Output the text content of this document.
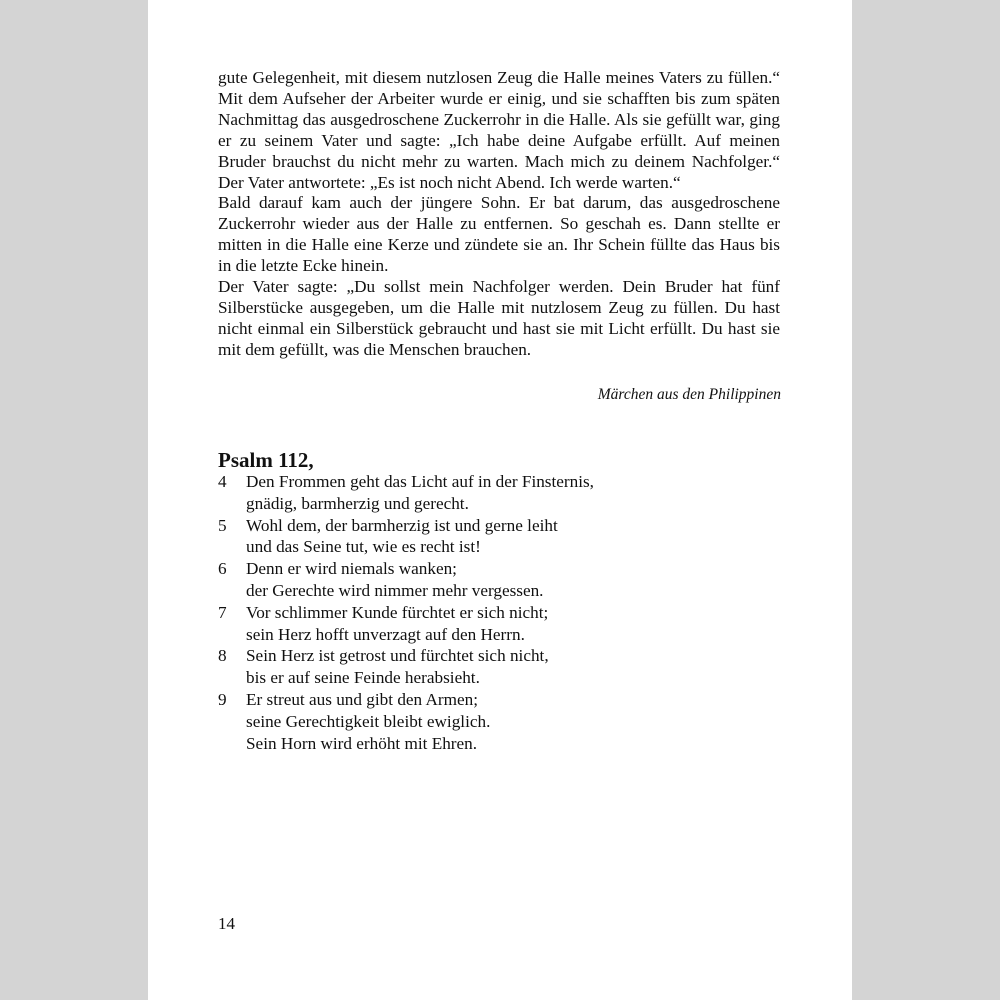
gute Gelegenheit, mit diesem nutzlosen Zeug die Halle meines Vaters zu füllen.“ Mit dem Aufseher der Arbeiter wurde er einig, und sie schafften bis zum späten Nachmittag das ausgedroschene Zuckerrohr in die Halle. Als sie gefüllt war, ging er zu seinem Vater und sagte: „Ich habe deine Aufgabe erfüllt. Auf meinen Bruder brauchst du nicht mehr zu warten. Mach mich zu deinem Nachfolger.“ Der Vater antwortete: „Es ist noch nicht Abend. Ich werde warten.“

Bald darauf kam auch der jüngere Sohn. Er bat darum, das ausgedroschene Zuckerrohr wieder aus der Halle zu entfernen. So geschah es. Dann stellte er mitten in die Halle eine Kerze und zündete sie an. Ihr Schein füllte das Haus bis in die letzte Ecke hinein.

Der Vater sagte: „Du sollst mein Nachfolger werden. Dein Bruder hat fünf Silberstücke ausgegeben, um die Halle mit nutzlosem Zeug zu füllen. Du hast nicht einmal ein Silberstück gebraucht und hast sie mit Licht erfüllt. Du hast sie mit dem gefüllt, was die Menschen brauchen.

Märchen aus den Philippinen
Psalm 112,
4	Den Frommen geht das Licht auf in der Finsternis,
gnädig, barmherzig und gerecht.
5	Wohl dem, der barmherzig ist und gerne leiht
und das Seine tut, wie es recht ist!
6	Denn er wird niemals wanken;
der Gerechte wird nimmer mehr vergessen.
7	Vor schlimmer Kunde fürchtet er sich nicht;
sein Herz hofft unverzagt auf den Herrn.
8	Sein Herz ist getrost und fürchtet sich nicht,
bis er auf seine Feinde herabsieht.
9	Er streut aus und gibt den Armen;
seine Gerechtigkeit bleibt ewiglich.
Sein Horn wird erhöht mit Ehren.
14
